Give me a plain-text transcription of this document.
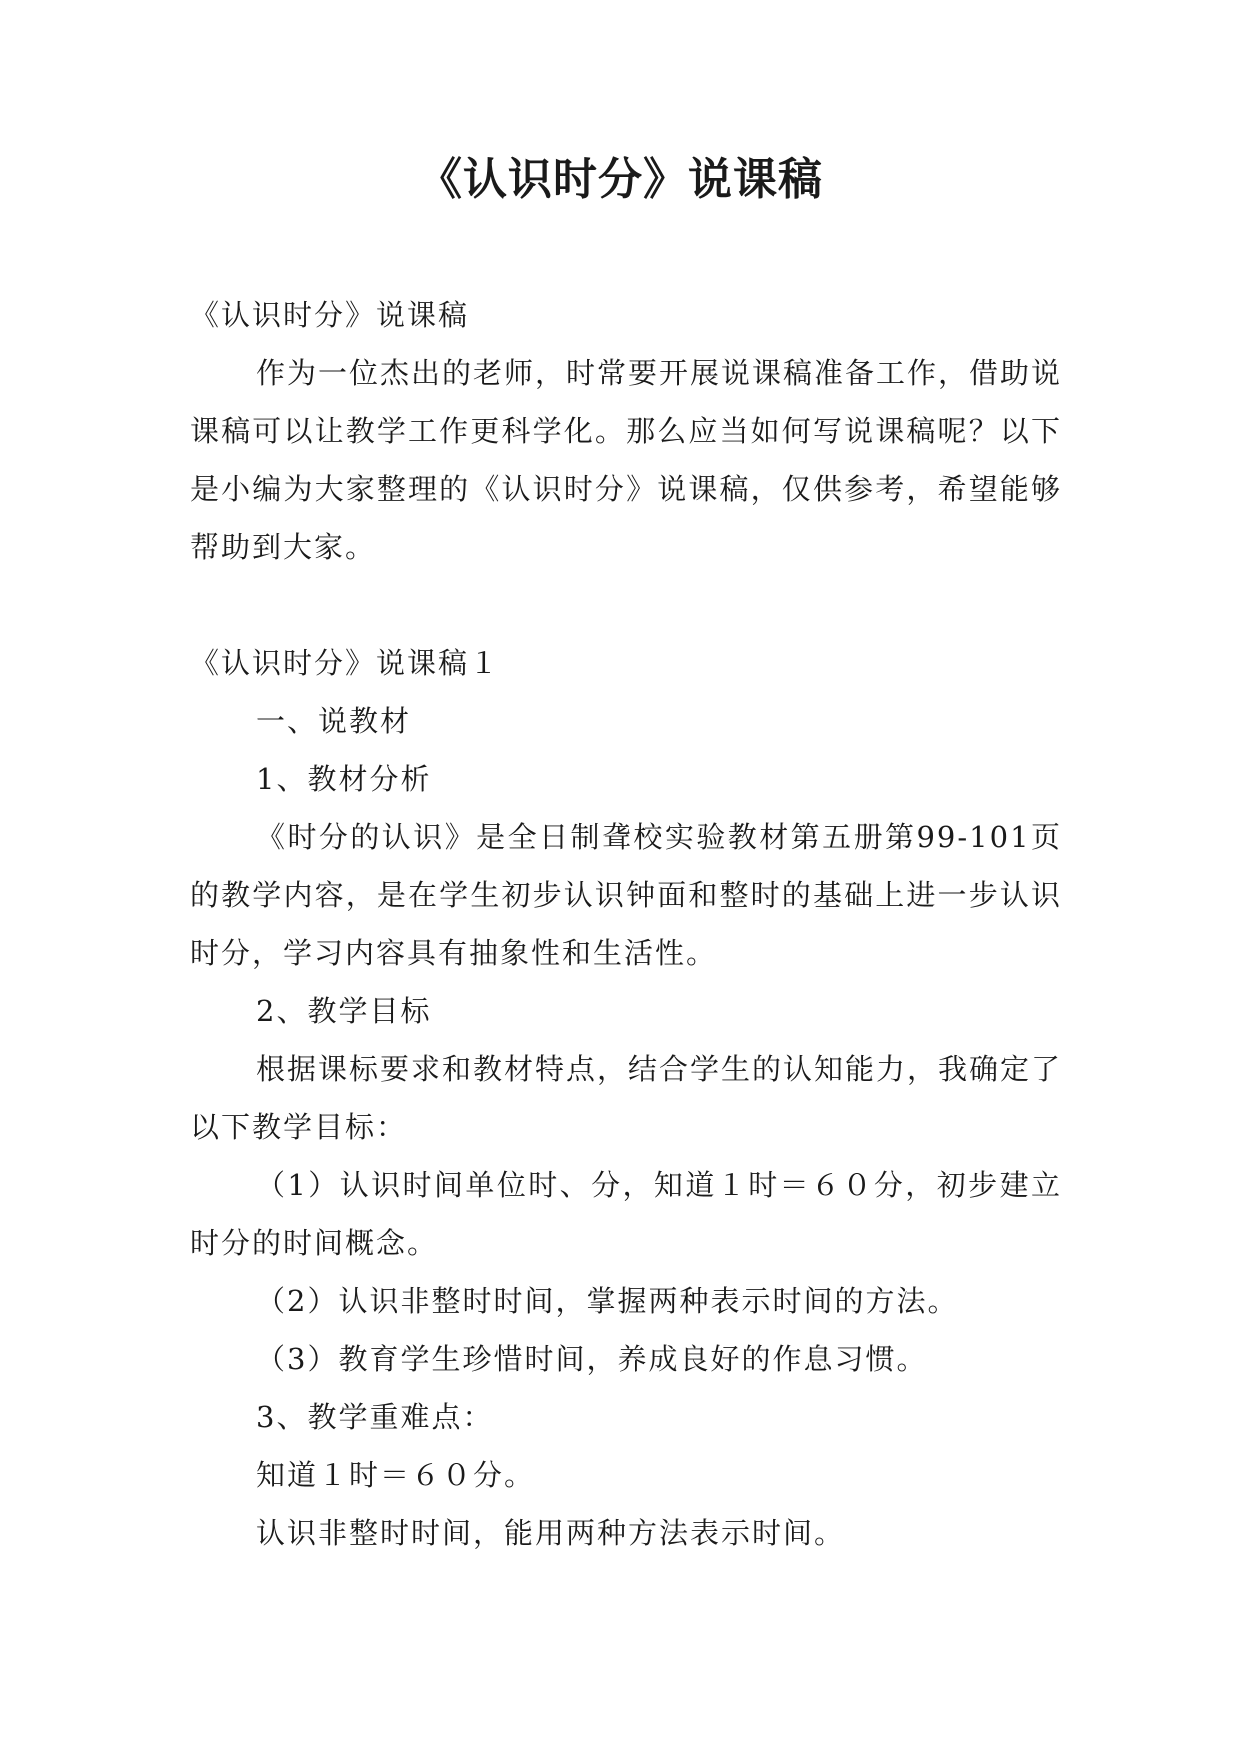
《认识时分》说课稿

《认识时分》说课稿

作为一位杰出的老师，时常要开展说课稿准备工作，借助说课稿可以让教学工作更科学化。那么应当如何写说课稿呢？以下是小编为大家整理的《认识时分》说课稿，仅供参考，希望能够帮助到大家。

《认识时分》说课稿１

一、说教材

1、教材分析

《时分的认识》是全日制聋校实验教材第五册第99-101页的教学内容，是在学生初步认识钟面和整时的基础上进一步认识时分，学习内容具有抽象性和生活性。

2、教学目标

根据课标要求和教材特点，结合学生的认知能力，我确定了以下教学目标：

（1）认识时间单位时、分，知道１时＝６０分，初步建立时分的时间概念。

（2）认识非整时时间，掌握两种表示时间的方法。

（3）教育学生珍惜时间，养成良好的作息习惯。

3、教学重难点：

知道１时＝６０分。

认识非整时时间，能用两种方法表示时间。
